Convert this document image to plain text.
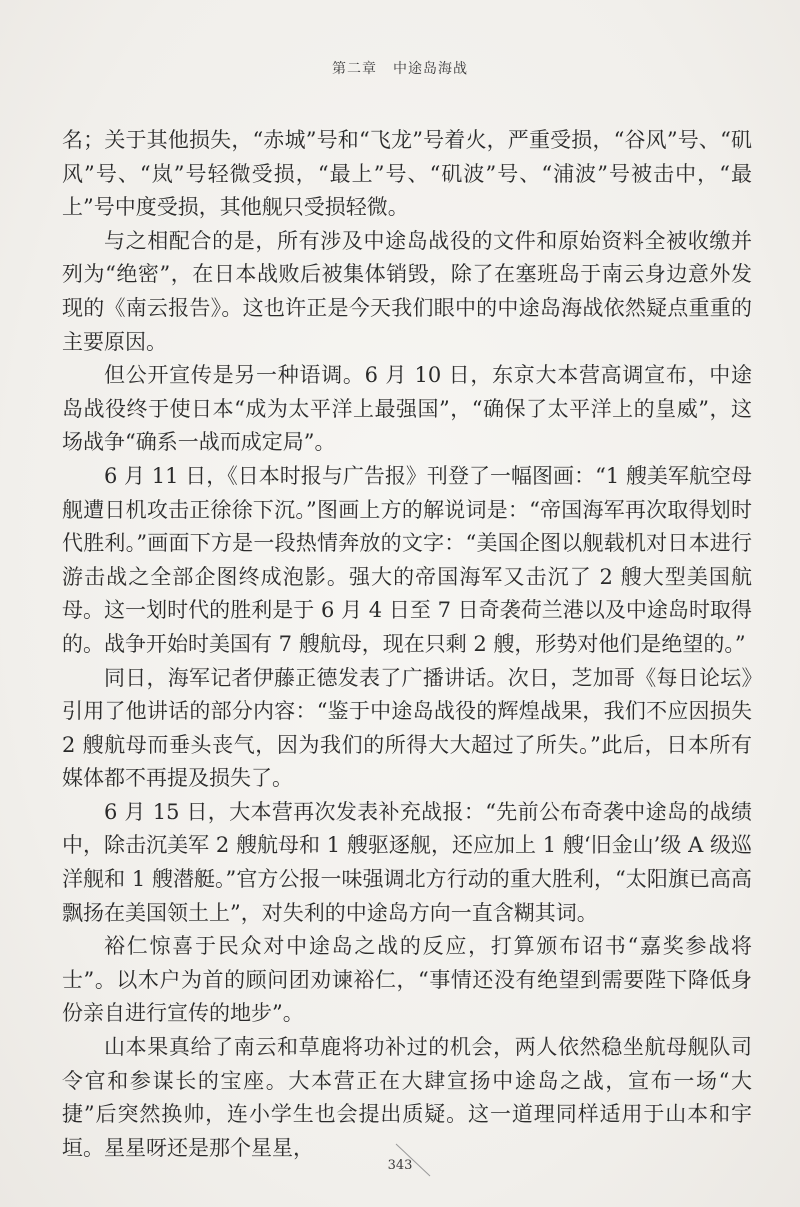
第二章 中途岛海战

名；关于其他损失，“赤城”号和“飞龙”号着火，严重受损，“谷风”号、“矶风”号、“岚”号轻微受损，“最上”号、“矶波”号、“浦波”号被击中，“最上”号中度受损，其他舰只受损轻微。

与之相配合的是，所有涉及中途岛战役的文件和原始资料全被收缴并列为“绝密”，在日本战败后被集体销毁，除了在塞班岛于南云身边意外发现的《南云报告》。这也许正是今天我们眼中的中途岛海战依然疑点重重的主要原因。

但公开宣传是另一种语调。6 月 10 日，东京大本营高调宣布，中途岛战役终于使日本“成为太平洋上最强国”，“确保了太平洋上的皇威”，这场战争“确系一战而成定局”。

6 月 11 日，《日本时报与广告报》刊登了一幅图画：“1 艘美军航空母舰遭日机攻击正徐徐下沉。”图画上方的解说词是：“帝国海军再次取得划时代胜利。”画面下方是一段热情奔放的文字：“美国企图以舰载机对日本进行游击战之全部企图终成泡影。强大的帝国海军又击沉了 2 艘大型美国航母。这一划时代的胜利是于 6 月 4 日至 7 日奇袭荷兰港以及中途岛时取得的。战争开始时美国有 7 艘航母，现在只剩 2 艘，形势对他们是绝望的。”

同日，海军记者伊藤正德发表了广播讲话。次日，芝加哥《每日论坛》引用了他讲话的部分内容：“鉴于中途岛战役的辉煌战果，我们不应因损失 2 艘航母而垂头丧气，因为我们的所得大大超过了所失。”此后，日本所有媒体都不再提及损失了。

6 月 15 日，大本营再次发表补充战报：“先前公布奇袭中途岛的战绩中，除击沉美军 2 艘航母和 1 艘驱逐舰，还应加上 1 艘‘旧金山’级 A 级巡洋舰和 1 艘潜艇。”官方公报一味强调北方行动的重大胜利，“太阳旗已高高飘扬在美国领土上”，对失利的中途岛方向一直含糊其词。

裕仁惊喜于民众对中途岛之战的反应，打算颁布诏书“嘉奖参战将士”。以木户为首的顾问团劝谏裕仁，“事情还没有绝望到需要陛下降低身份亲自进行宣传的地步”。

山本果真给了南云和草鹿将功补过的机会，两人依然稳坐航母舰队司令官和参谋长的宝座。大本营正在大肆宣扬中途岛之战，宣布一场“大捷”后突然换帅，连小学生也会提出质疑。这一道理同样适用于山本和宇垣。星星呀还是那个星星，

343
